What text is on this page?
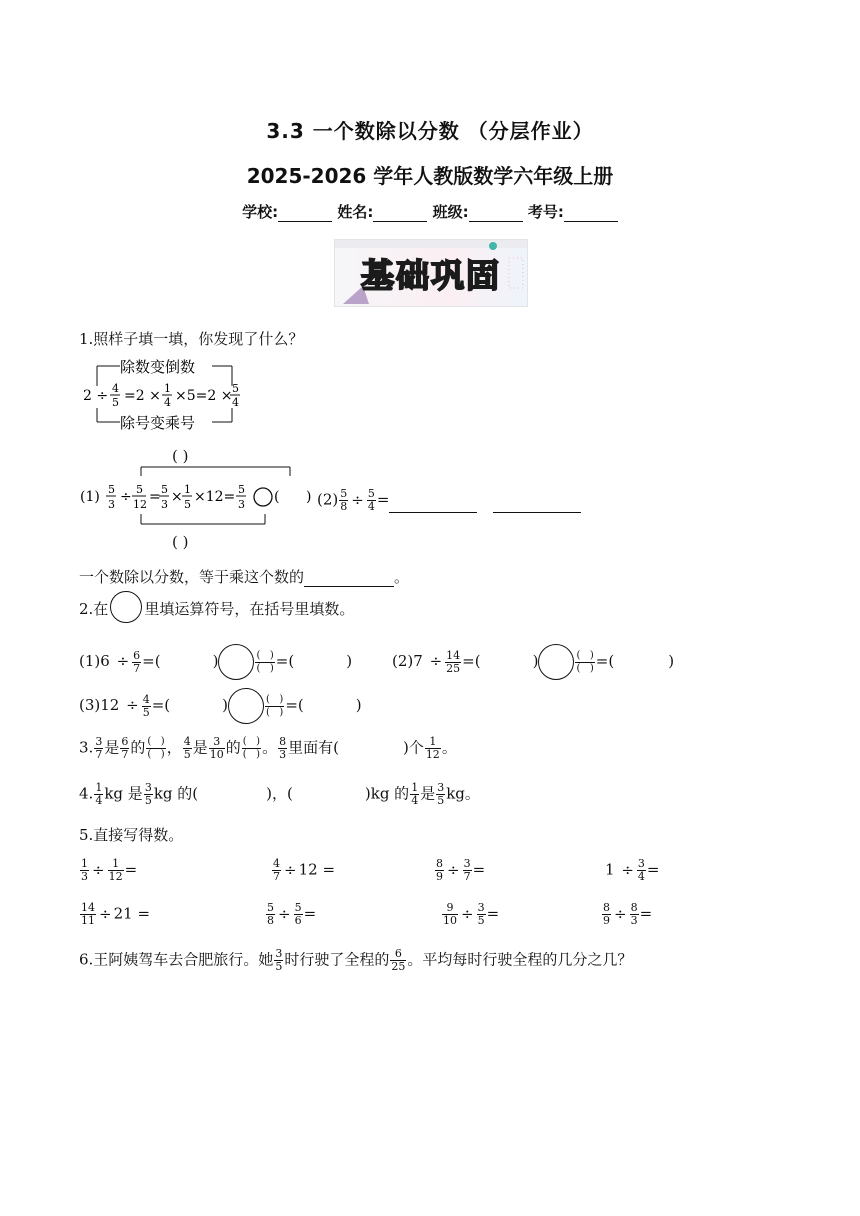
3.3 一个数除以分数 （分层作业）
2025-2026 学年人教版数学六年级上册
学校:	姓名:	班级:	考号:
基础巩固
1.照样子填一填，你发现了什么？
除数变倒数
2 ÷ 4
5 =2 × 1
4 ×5=2 × 5
4
除号变乘号
( )
(1) 5
3 ÷ 5
12 = 5
3 × 1
5 ×12= 5
3 ( )
( )
$(2) \frac{5}{8} \div \frac{5}{4}$ =
一个数除以分数，等于乘这个数的	。
2.在 里填运算符号，在括号里填数。
$(1)6 \div \frac{6}{7}$ =(	)	$\frac{( )}{( )}$ =(	)	$(2)7 \div \frac{14}{25}$ =(	)	$\frac{( )}{( )}$ =(	)
$(3)12 \div \frac{4}{5}$ =(	)	$\frac{( )}{( )}$ =(	)
3. $\frac{3}{7}$ 是 $\frac{6}{7}$ 的 $\frac{( )}{( )}$ ， $\frac{4}{5}$ 是 $\frac{3}{10}$ 的 $\frac{( )}{( )}$ 。 $\frac{8}{3}$ 里面有(	)个 $\frac{1}{12}$ 。
4. $\frac{1}{4}$ kg 是 $\frac{3}{5}$ kg 的(	)，(	)kg 的 $\frac{1}{4}$ 是 $\frac{3}{5}$ kg。
5.直接写得数。
$\frac{1}{3} \div \frac{1}{12}$ =	$\frac{4}{7} \div 12$ =	$\frac{8}{9} \div \frac{3}{7}$ =	$1 \div \frac{3}{4}$ =
$\frac{14}{11} \div 21$ =	$\frac{5}{8} \div \frac{5}{6}$ =	$\frac{9}{10} \div \frac{3}{5}$ =	$\frac{8}{9} \div \frac{8}{3}$ =
6.王阿姨驾车去合肥旅行。她 $\frac{3}{5}$ 时行驶了全程的 $\frac{6}{25}$ 。平均每时行驶全程的几分之几？
